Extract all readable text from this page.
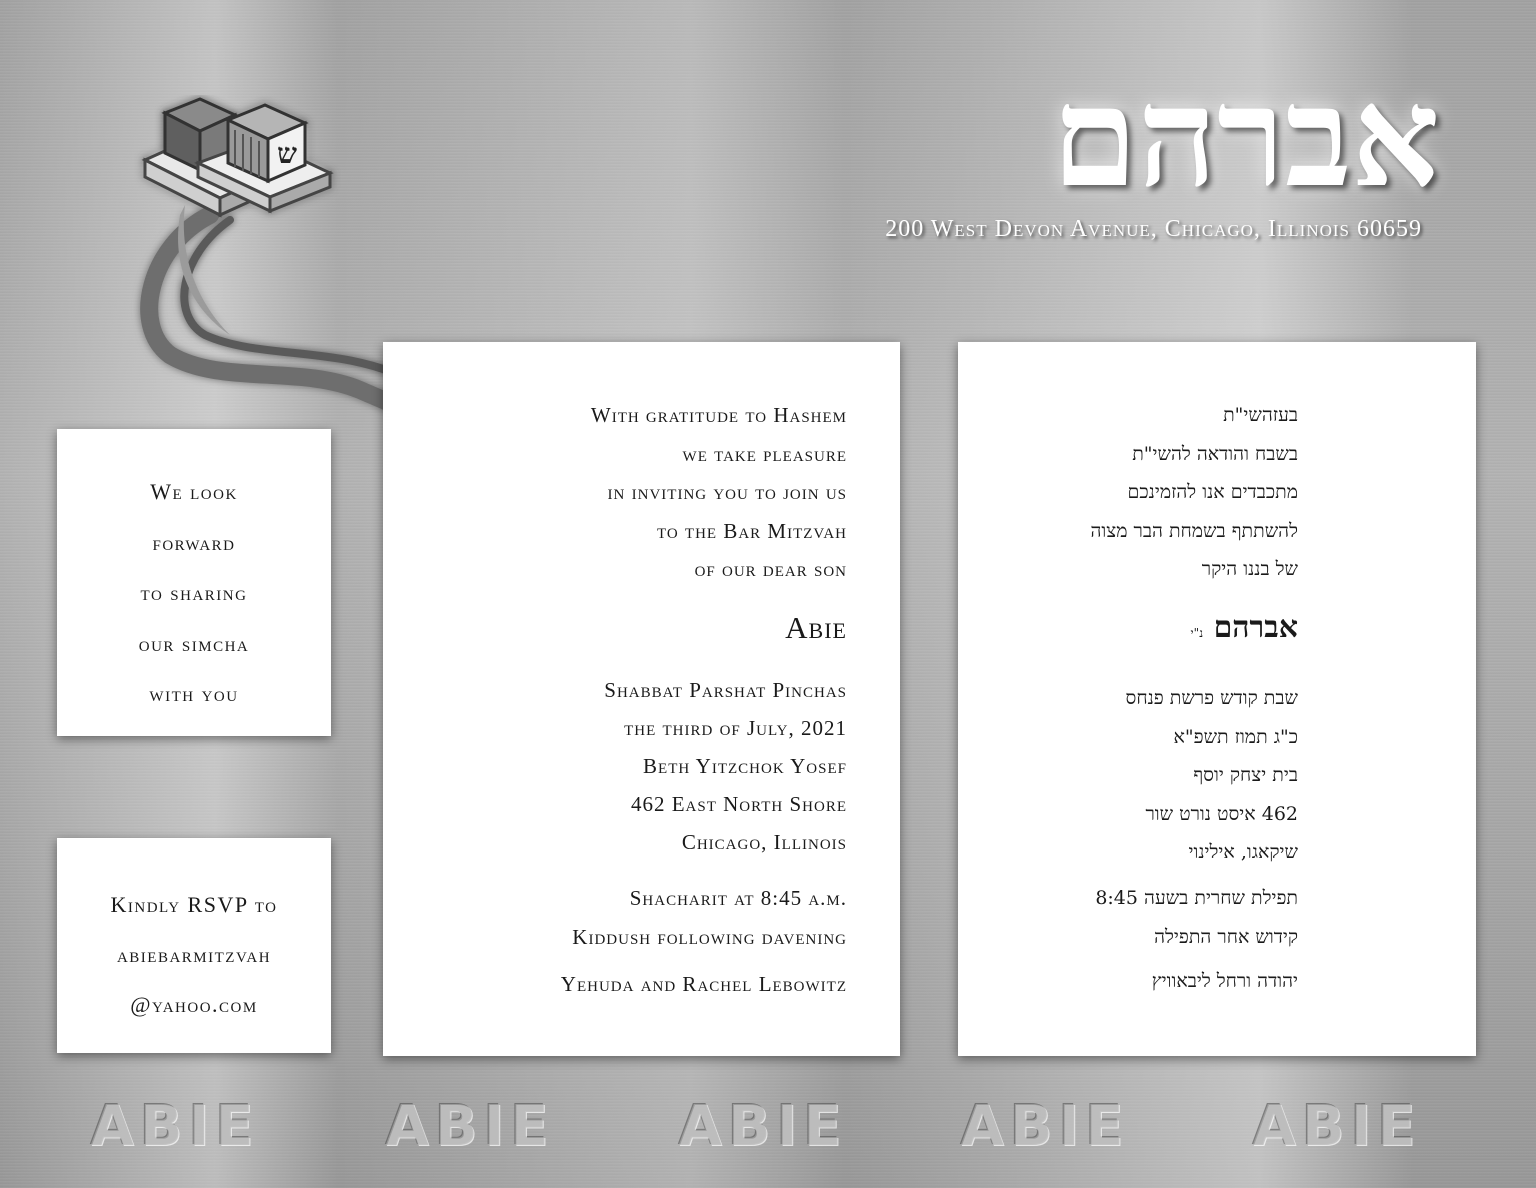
ש	אברהם
200 West Devon Avenue, Chicago, Illinois 60659
We look
forward
to sharing
our simcha
with you
Kindly RSVP to
abiebarmitzvah
@yahoo.com
With gratitude to Hashem
we take pleasure
in inviting you to join us
to the Bar Mitzvah
of our dear son
Abie
Shabbat Parshat Pinchas
the third of July, 2021
Beth Yitzchok Yosef
462 East North Shore
Chicago, Illinois
Shacharit at 8:45 a.m.
Kiddush following davening
Yehuda and Rachel Lebowitz
בעזהשי"ת
בשבח והודאה להשי"ת
מתכבדים אנו להזמינכם
להשתתף בשמחת הבר מצוה
של בננו היקר
אברהם נ"י
שבת קודש פרשת פנחס
כ"ג תמוז תשפ"א
בית יצחק יוסף
462 איסט נורט שור
שיקאגו, אילינוי
תפילת שחרית בשעה 8:45
קידוש אחר התפילה
יהודה ורחל ליבאוויץ
ABIE ABIE ABIE ABIE ABIE
